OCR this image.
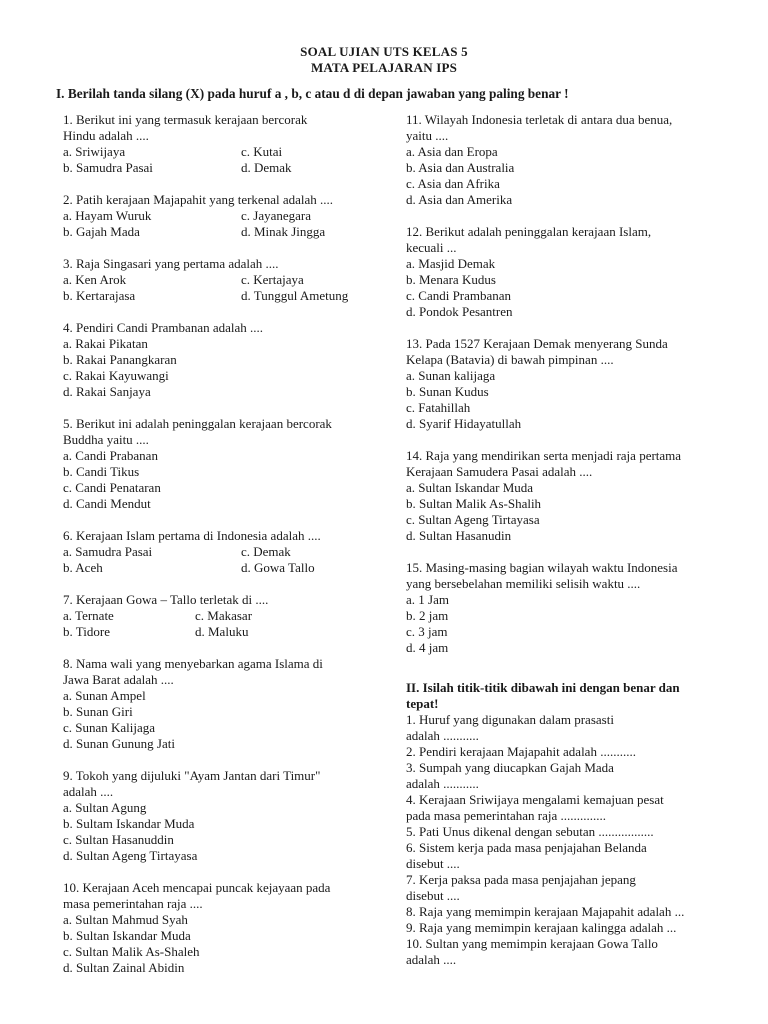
SOAL UJIAN UTS KELAS 5
MATA PELAJARAN IPS
I. Berilah tanda silang (X) pada huruf a , b, c atau d di depan jawaban yang paling benar !
1. Berikut ini yang termasuk kerajaan bercorak
Hindu adalah ....
a. Sriwijaya	c. Kutai
b. Samudra Pasai	d. Demak
2. Patih kerajaan Majapahit yang terkenal adalah ....
a. Hayam Wuruk	c. Jayanegara
b. Gajah Mada	d. Minak Jingga
3. Raja Singasari yang pertama adalah ....
a. Ken Arok	c. Kertajaya
b. Kertarajasa	d. Tunggul Ametung
4. Pendiri Candi Prambanan adalah ....
a. Rakai Pikatan
b. Rakai Panangkaran
c. Rakai Kayuwangi
d. Rakai Sanjaya
5. Berikut ini adalah peninggalan kerajaan bercorak
Buddha yaitu ....
a. Candi Prabanan
b. Candi Tikus
c. Candi Penataran
d. Candi Mendut
6. Kerajaan Islam pertama di Indonesia adalah ....
a. Samudra Pasai	c. Demak
b. Aceh	d. Gowa Tallo
7. Kerajaan Gowa – Tallo terletak di ....
a. Ternate	c. Makasar
b. Tidore	d. Maluku
8. Nama wali yang menyebarkan agama Islama di
Jawa Barat adalah ....
a. Sunan Ampel
b. Sunan Giri
c. Sunan Kalijaga
d. Sunan Gunung Jati
9. Tokoh yang dijuluki "Ayam Jantan dari Timur"
adalah ....
a. Sultan Agung
b. Sultam Iskandar Muda
c. Sultan Hasanuddin
d. Sultan Ageng Tirtayasa
10. Kerajaan Aceh mencapai puncak kejayaan pada
masa pemerintahan raja ....
a. Sultan Mahmud Syah
b. Sultan Iskandar Muda
c. Sultan Malik As-Shaleh
d. Sultan Zainal Abidin
11. Wilayah Indonesia terletak di antara dua benua,
yaitu ....
a. Asia dan Eropa
b. Asia dan Australia
c. Asia dan Afrika
d. Asia dan Amerika
12. Berikut adalah peninggalan kerajaan Islam,
kecuali ...
a. Masjid Demak
b. Menara Kudus
c. Candi Prambanan
d. Pondok Pesantren
13. Pada 1527 Kerajaan Demak menyerang Sunda
Kelapa (Batavia) di bawah pimpinan ....
a. Sunan kalijaga
b. Sunan Kudus
c. Fatahillah
d. Syarif Hidayatullah
14. Raja yang mendirikan serta menjadi raja pertama
Kerajaan Samudera Pasai adalah ....
a. Sultan Iskandar Muda
b. Sultan Malik As-Shalih
c. Sultan Ageng Tirtayasa
d. Sultan Hasanudin
15. Masing-masing bagian wilayah waktu Indonesia
yang bersebelahan memiliki selisih waktu ....
a. 1 Jam
b. 2 jam
c. 3 jam
d. 4 jam
II. Isilah titik-titik dibawah ini dengan benar dan
tepat!
1. Huruf yang digunakan dalam prasasti
adalah ...........
2. Pendiri kerajaan Majapahit adalah ...........
3. Sumpah yang diucapkan Gajah Mada
adalah ...........
4. Kerajaan Sriwijaya mengalami kemajuan pesat
pada masa pemerintahan raja ..............
5. Pati Unus dikenal dengan sebutan .................
6. Sistem kerja pada masa penjajahan Belanda
disebut ....
7. Kerja paksa pada masa penjajahan jepang
disebut ....
8. Raja yang memimpin kerajaan Majapahit adalah ...
9. Raja yang memimpin kerajaan kalingga adalah ...
10. Sultan yang memimpin kerajaan Gowa Tallo
adalah ....
